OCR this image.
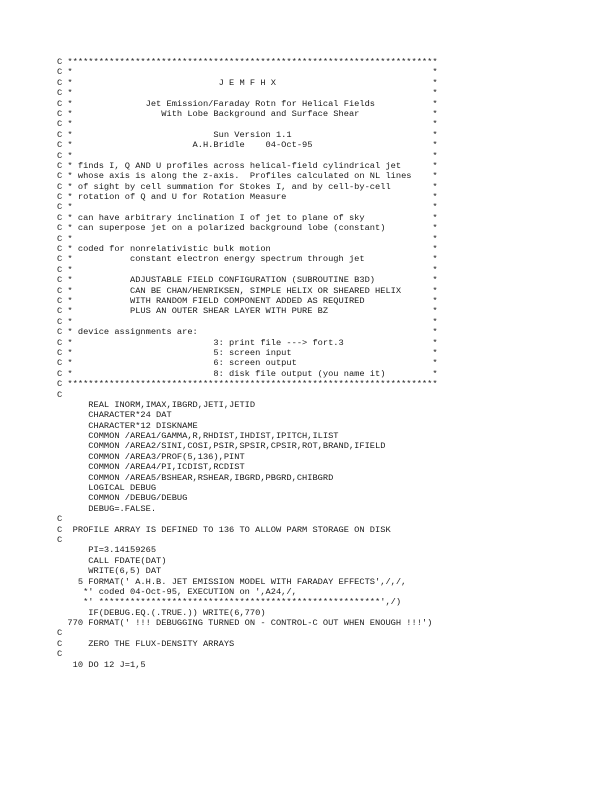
C ***********************************************************************
C *                                                                     *
C *                            J E M F H X                              *
C *                                                                     *
C *              Jet Emission/Faraday Rotn for Helical Fields           *
C *                 With Lobe Background and Surface Shear              *
C *                                                                     *
C *                           Sun Version 1.1                           *
C *                       A.H.Bridle    04-Oct-95                       *
C *                                                                     *
C * finds I, Q AND U profiles across helical-field cylindrical jet      *
C * whose axis is along the z-axis.  Profiles calculated on NL lines    *
C * of sight by cell summation for Stokes I, and by cell-by-cell        *
C * rotation of Q and U for Rotation Measure                            *
C *                                                                     *
C * can have arbitrary inclination I of jet to plane of sky             *
C * can superpose jet on a polarized background lobe (constant)         *
C *                                                                     *
C * coded for nonrelativistic bulk motion                               *
C *           constant electron energy spectrum through jet             *
C *                                                                     *
C *           ADJUSTABLE FIELD CONFIGURATION (SUBROUTINE B3D)           *
C *           CAN BE CHAN/HENRIKSEN, SIMPLE HELIX OR SHEARED HELIX      *
C *           WITH RANDOM FIELD COMPONENT ADDED AS REQUIRED             *
C *           PLUS AN OUTER SHEAR LAYER WITH PURE BZ                    *
C *                                                                     *
C * device assignments are:                                             *
C *                           3: print file ---> fort.3                 *
C *                           5: screen input                           *
C *                           6: screen output                          *
C *                           8: disk file output (you name it)         *
C ***********************************************************************
C
REAL INORM,IMAX,IBGRD,JETI,JETID
CHARACTER*24 DAT
CHARACTER*12 DISKNAME
COMMON /AREA1/GAMMA,R,RHDIST,IHDIST,IPITCH,ILIST
COMMON /AREA2/SINI,COSI,PSIR,SPSIR,CPSIR,ROT,BRAND,IFIELD
COMMON /AREA3/PROF(5,136),PINT
COMMON /AREA4/PI,ICDIST,RCDIST
COMMON /AREA5/BSHEAR,RSHEAR,IBGRD,PBGRD,CHIBGRD
LOGICAL DEBUG
COMMON /DEBUG/DEBUG
DEBUG=.FALSE.
C
C  PROFILE ARRAY IS DEFINED TO 136 TO ALLOW PARM STORAGE ON DISK
C
PI=3.14159265
CALL FDATE(DAT)
WRITE(6,5) DAT
5 FORMAT(' A.H.B. JET EMISSION MODEL WITH FARADAY EFFECTS',/,/,
*' coded 04-Oct-95, EXECUTION on ',A24,/,
*' ******************************************************',/)
IF(DEBUG.EQ.(.TRUE.)) WRITE(6,770)
770 FORMAT(' !!! DEBUGGING TURNED ON - CONTROL-C OUT WHEN ENOUGH !!!')
C
C     ZERO THE FLUX-DENSITY ARRAYS
C
10 DO 12 J=1,5
